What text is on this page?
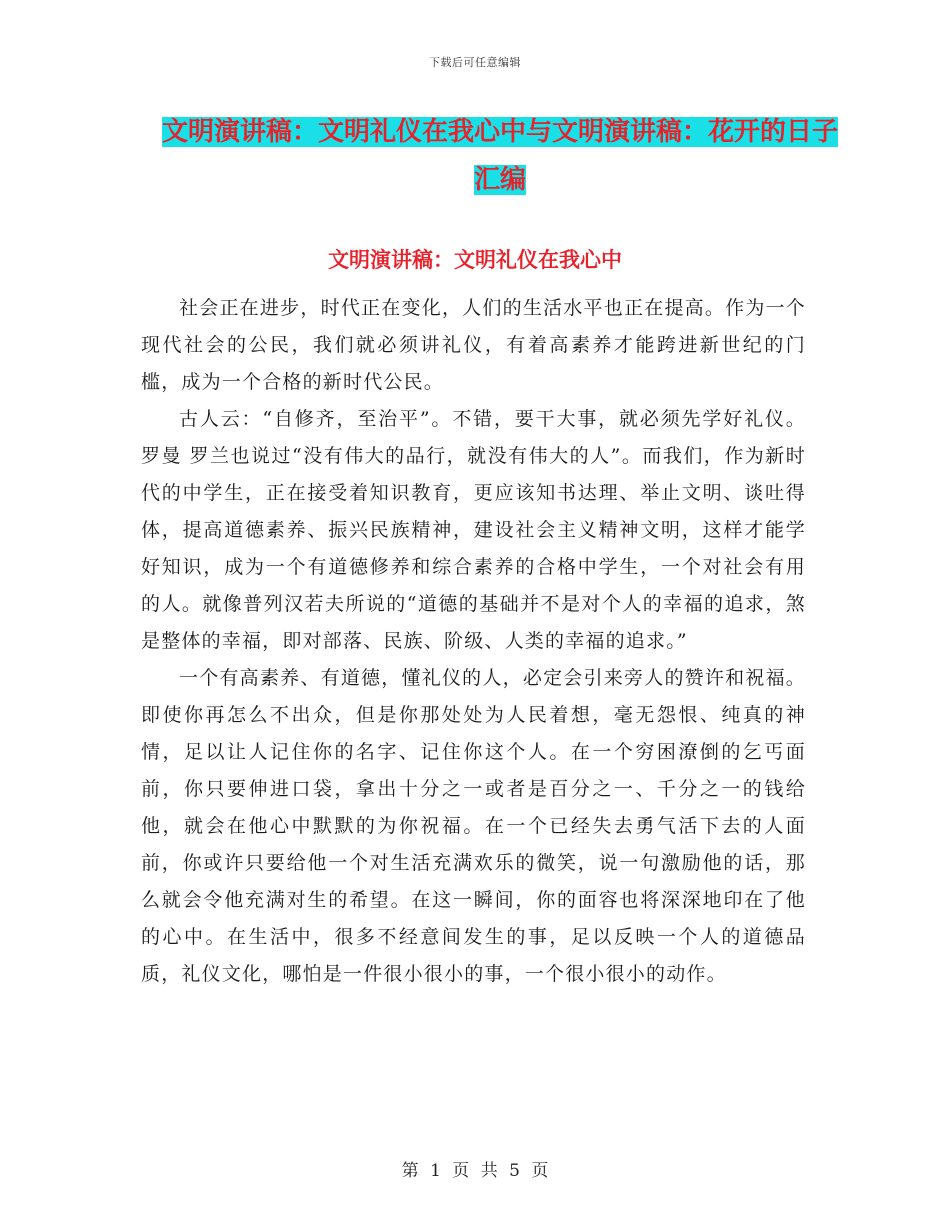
下载后可任意编辑
文明演讲稿：文明礼仪在我心中与文明演讲稿：花开的日子汇编
文明演讲稿：文明礼仪在我心中

社会正在进步，时代正在变化，人们的生活水平也正在提高。作为一个现代社会的公民，我们就必须讲礼仪，有着高素养才能跨进新世纪的门槛，成为一个合格的新时代公民。

古人云：“自修齐，至治平”。不错，要干大事，就必须先学好礼仪。罗曼 罗兰也说过“没有伟大的品行，就没有伟大的人”。而我们，作为新时代的中学生，正在接受着知识教育，更应该知书达理、举止文明、谈吐得体，提高道德素养、振兴民族精神，建设社会主义精神文明，这样才能学好知识，成为一个有道德修养和综合素养的合格中学生，一个对社会有用的人。就像普列汉若夫所说的“道德的基础并不是对个人的幸福的追求，煞是整体的幸福，即对部落、民族、阶级、人类的幸福的追求。”

一个有高素养、有道德，懂礼仪的人，必定会引来旁人的赞许和祝福。即使你再怎么不出众，但是你那处处为人民着想，毫无怨恨、纯真的神情，足以让人记住你的名字、记住你这个人。在一个穷困潦倒的乞丐面前，你只要伸进口袋，拿出十分之一或者是百分之一、千分之一的钱给他，就会在他心中默默的为你祝福。在一个已经失去勇气活下去的人面前，你或许只要给他一个对生活充满欢乐的微笑，说一句激励他的话，那么就会令他充满对生的希望。在这一瞬间，你的面容也将深深地印在了他的心中。在生活中，很多不经意间发生的事，足以反映一个人的道德品质，礼仪文化，哪怕是一件很小很小的事，一个很小很小的动作。

第 1 页 共 5 页
